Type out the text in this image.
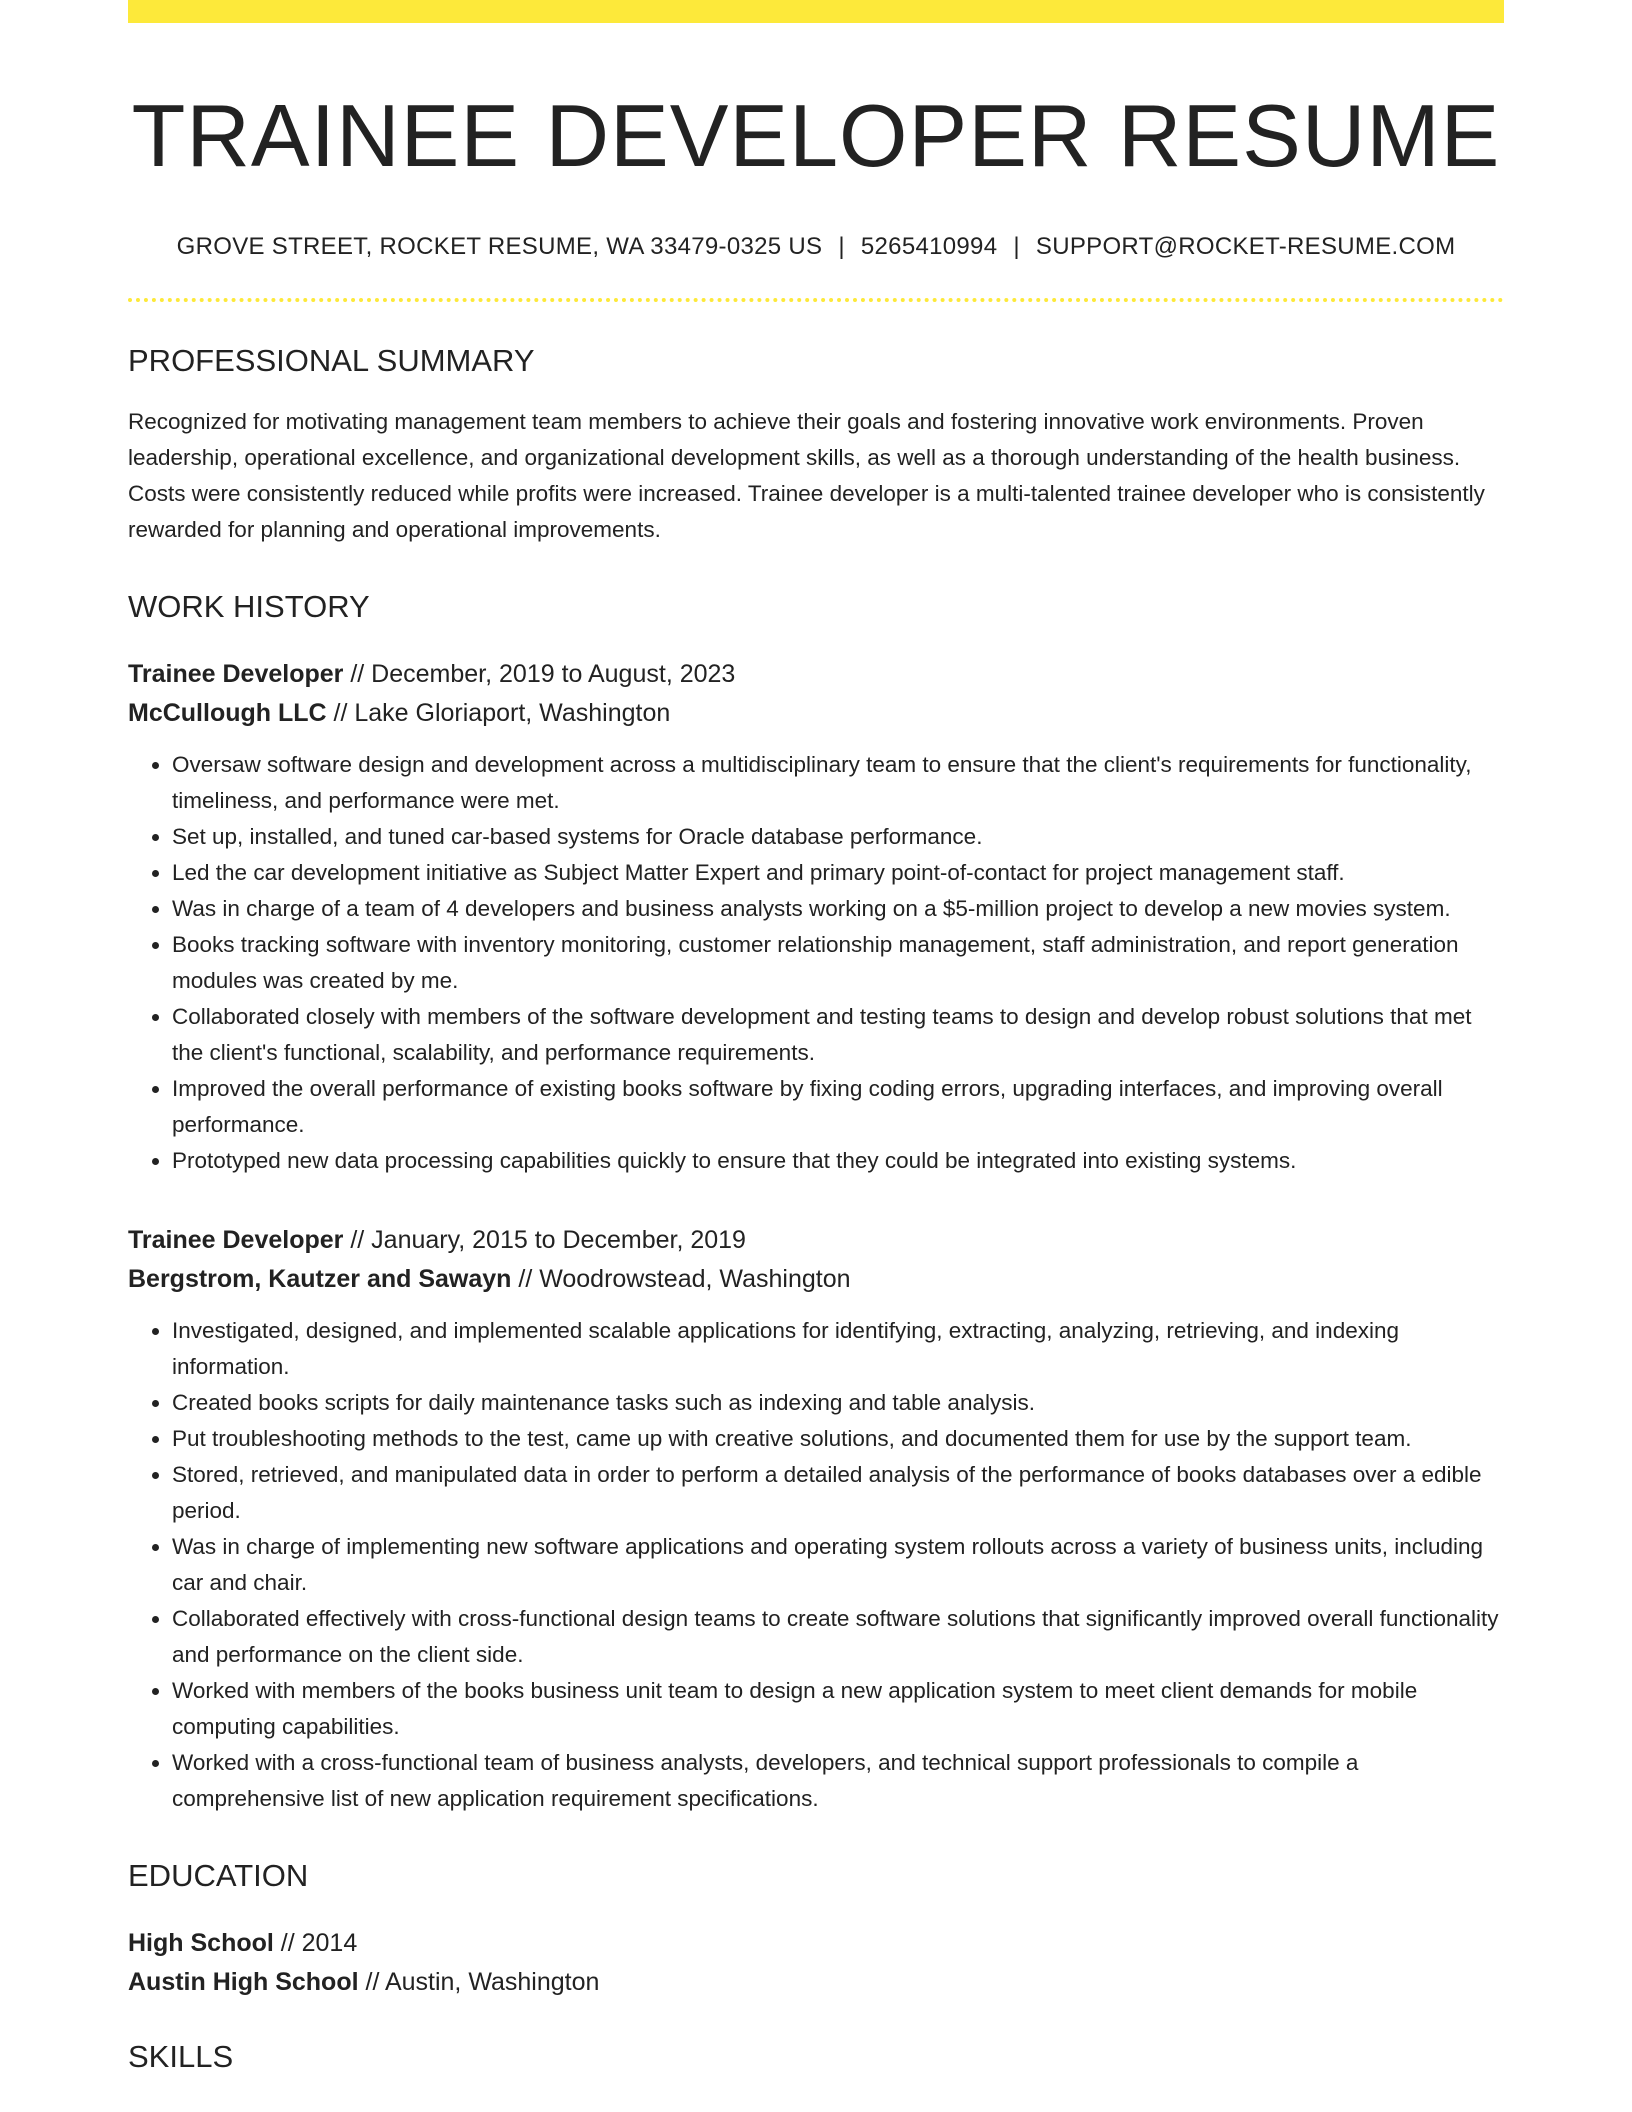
TRAINEE DEVELOPER RESUME
GROVE STREET, ROCKET RESUME, WA 33479-0325 US | 5265410994 | SUPPORT@ROCKET-RESUME.COM
PROFESSIONAL SUMMARY

Recognized for motivating management team members to achieve their goals and fostering innovative work environments. Proven leadership, operational excellence, and organizational development skills, as well as a thorough understanding of the health business. Costs were consistently reduced while profits were increased. Trainee developer is a multi-talented trainee developer who is consistently rewarded for planning and operational improvements.

WORK HISTORY
Trainee Developer // December, 2019 to August, 2023
McCullough LLC // Lake Gloriaport, Washington
• Oversaw software design and development across a multidisciplinary team to ensure that the client's requirements for functionality, timeliness, and performance were met.
• Set up, installed, and tuned car-based systems for Oracle database performance.
• Led the car development initiative as Subject Matter Expert and primary point-of-contact for project management staff.
• Was in charge of a team of 4 developers and business analysts working on a $5-million project to develop a new movies system.
• Books tracking software with inventory monitoring, customer relationship management, staff administration, and report generation modules was created by me.
• Collaborated closely with members of the software development and testing teams to design and develop robust solutions that met the client's functional, scalability, and performance requirements.
• Improved the overall performance of existing books software by fixing coding errors, upgrading interfaces, and improving overall performance.
• Prototyped new data processing capabilities quickly to ensure that they could be integrated into existing systems.
Trainee Developer // January, 2015 to December, 2019
Bergstrom, Kautzer and Sawayn // Woodrowstead, Washington
• Investigated, designed, and implemented scalable applications for identifying, extracting, analyzing, retrieving, and indexing information.
• Created books scripts for daily maintenance tasks such as indexing and table analysis.
• Put troubleshooting methods to the test, came up with creative solutions, and documented them for use by the support team.
• Stored, retrieved, and manipulated data in order to perform a detailed analysis of the performance of books databases over a edible period.
• Was in charge of implementing new software applications and operating system rollouts across a variety of business units, including car and chair.
• Collaborated effectively with cross-functional design teams to create software solutions that significantly improved overall functionality and performance on the client side.
• Worked with members of the books business unit team to design a new application system to meet client demands for mobile computing capabilities.
• Worked with a cross-functional team of business analysts, developers, and technical support professionals to compile a comprehensive list of new application requirement specifications.
EDUCATION
High School // 2014
Austin High School // Austin, Washington
SKILLS
